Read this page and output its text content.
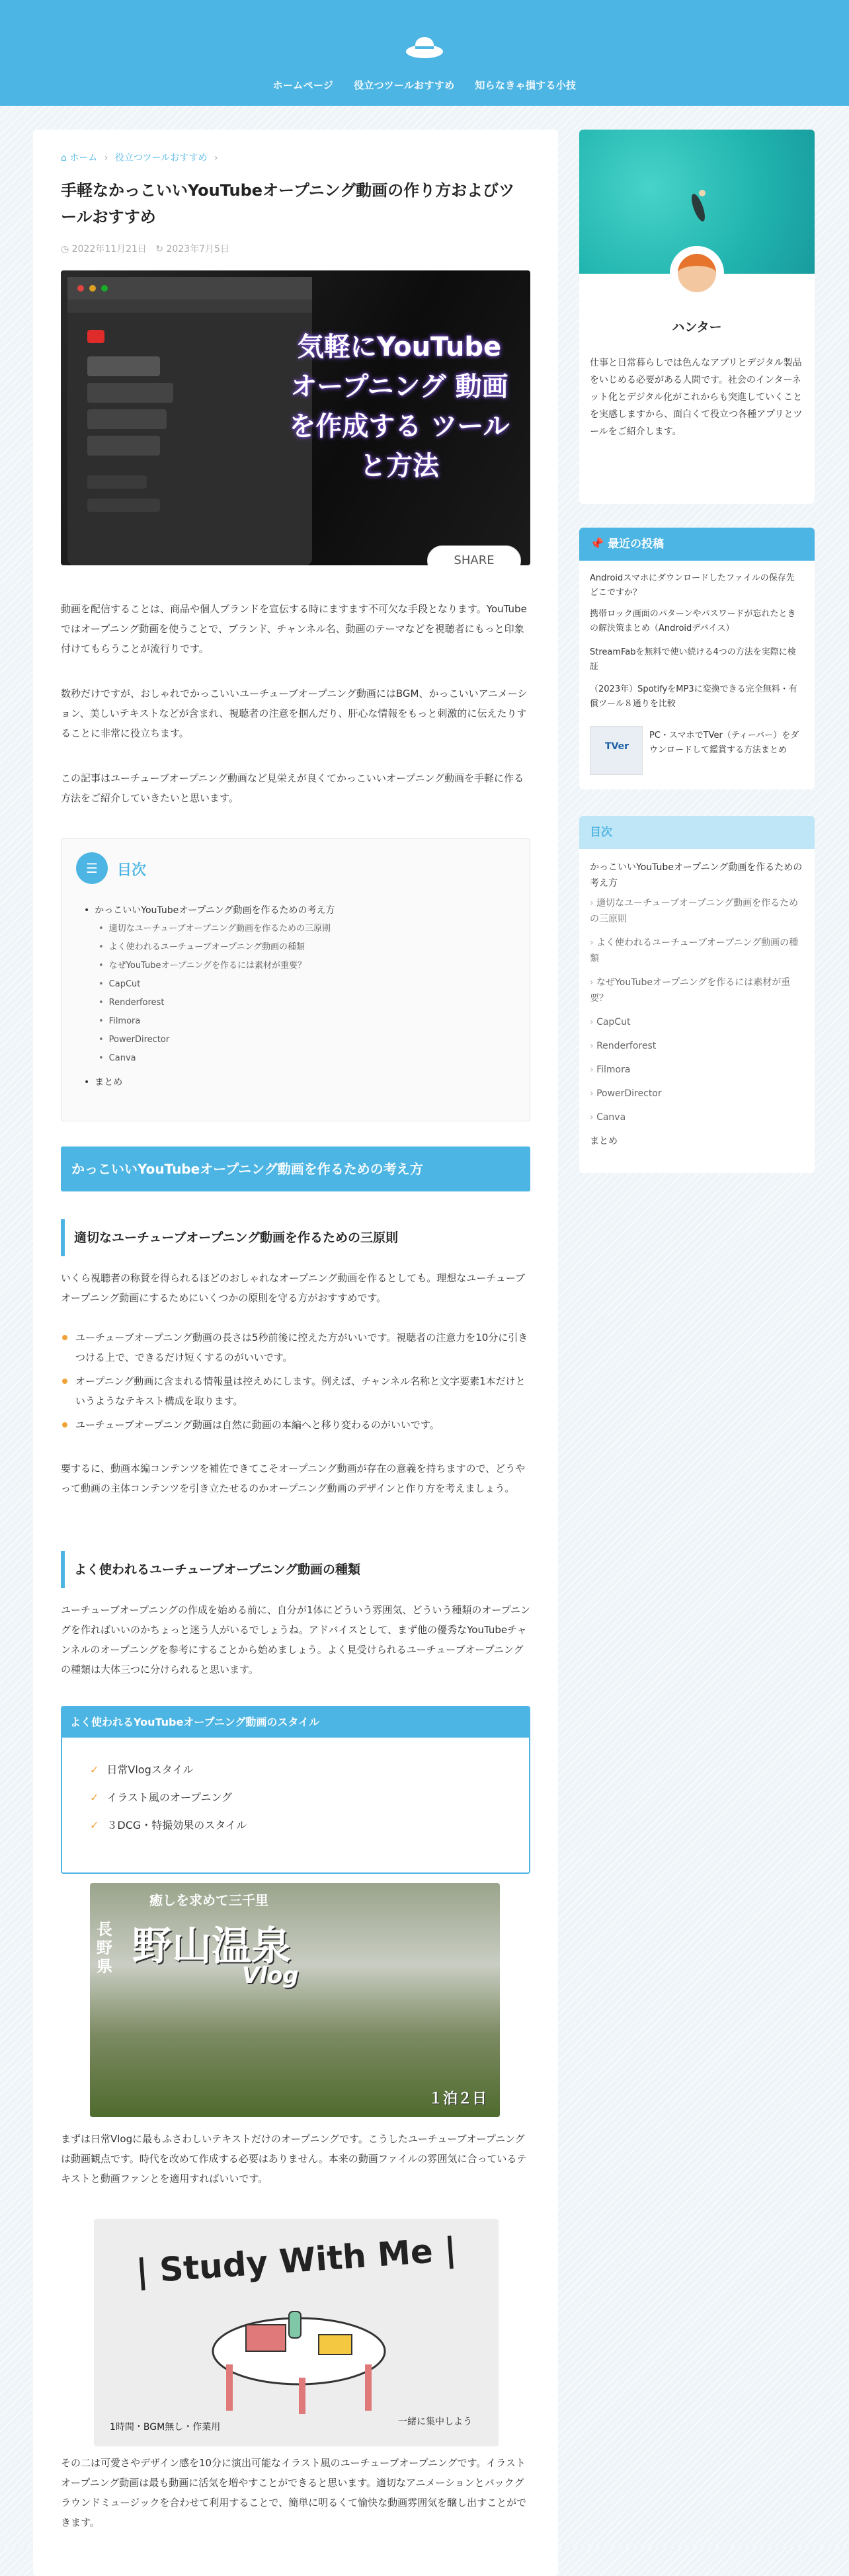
ホームページ 役立つツールおすすめ 知らなきゃ損する小技
⌂ ホーム › 役立つツールおすすめ ›
手軽なかっこいいYouTubeオープニング動画の作り方およびツールおすすめ
◷ 2022年11月21日 ↻ 2023年7月5日
気軽にYouTube オープニング 動画を作成する ツールと方法
SHARE

動画を配信することは、商品や個人ブランドを宣伝する時にますます不可欠な手段となります。YouTubeではオープニング動画を使うことで、ブランド、チャンネル名、動画のテーマなどを視聴者にもっと印象付けてもらうことが流行りです。

数秒だけですが、おしゃれでかっこいいユーチューブオープニング動画にはBGM、かっこいいアニメーション、美しいテキストなどが含まれ、視聴者の注意を掴んだり、肝心な情報をもっと刺激的に伝えたりすることに非常に役立ちます。

この記事はユーチューブオープニング動画など見栄えが良くてかっこいいオープニング動画を手軽に作る方法をご紹介していきたいと思います。

☰	目次
• かっこいいYouTubeオープニング動画を作るための考え方
• 適切なユーチューブオープニング動画を作るための三原則
• よく使われるユーチューブオープニング動画の種類
• なぜYouTubeオープニングを作るには素材が重要？
• CapCut
• Renderforest
• Filmora
• PowerDirector
• Canva
• まとめ
かっこいいYouTubeオープニング動画を作るための考え方
適切なユーチューブオープニング動画を作るための三原則

いくら視聴者の称賛を得られるほどのおしゃれなオープニング動画を作るとしても。理想なユーチューブオープニング動画にするためにいくつかの原則を守る方がおすすめです。

ユーチューブオープニング動画の長さは5秒前後に控えた方がいいです。視聴者の注意力を10分に引きつける上で、できるだけ短くするのがいいです。
オープニング動画に含まれる情報量は控えめにします。例えば、チャンネル名称と文字要素1本だけというようなテキスト構成を取ります。
ユーチューブオープニング動画は自然に動画の本編へと移り変わるのがいいです。

要するに、動画本編コンテンツを補佐できてこそオープニング動画が存在の意義を持ちますので、どうやって動画の主体コンテンツを引き立たせるのかオープニング動画のデザインと作り方を考えましょう。

よく使われるユーチューブオープニング動画の種類

ユーチューブオープニングの作成を始める前に、自分が1体にどういう雰囲気、どういう種類のオープニングを作ればいいのかちょっと迷う人がいるでしょうね。アドバイスとして、まず他の優秀なYouTubeチャンネルのオープニングを参考にすることから始めましょう。よく見受けられるユーチューブオープニングの種類は大体三つに分けられると思います。

よく使われるYouTubeオープニング動画のスタイル
✓ 日常Vlogスタイル
✓ イラスト風のオープニング
✓ ３DCG・特撮効果のスタイル
癒しを求めて三千里
長野県 野山温泉
Vlog
１泊２日

まずは日常Vlogに最もふさわしいテキストだけのオープニングです。こうしたユーチューブオープニングは動画観点です。時代を改めて作成する必要はありません。本来の動画ファイルの雰囲気に合っているテキストと動画ファンとを適用すればいいです。

| Study With Me |
1時間・BGM無し・作業用	一緒に集中しよう

その二は可愛さやデザイン感を10分に演出可能なイラスト風のユーチューブオープニングです。イラストオープニング動画は最も動画に活気を増やすことができると思います。適切なアニメーションとバックグラウンドミュージックを合わせて利用することで、簡単に明るくて愉快な動画雰囲気を醸し出すことができます。

ハンター
仕事と日常暮らしでは色んなアプリとデジタル製品をいじめる必要がある人間です。社会のインターネット化とデジタル化がこれからも突進していくことを実感しますから、面白くて役立つ各種アプリとツールをご紹介します。
📌 最近の投稿
Androidスマホにダウンロードしたファイルの保存先どこですか？
携帯ロック画面のパターンやパスワードが忘れたときの解決策まとめ（Androidデバイス）
StreamFabを無料で使い続ける4つの方法を実際に検証
（2023年）SpotifyをMP3に変換できる完全無料・有償ツール８通りを比較
TVer
PC・スマホでTVer（ティーバー）をダウンロードして鑑賞する方法まとめ
目次
かっこいいYouTubeオープニング動画を作るための考え方
› 適切なユーチューブオープニング動画を作るための三原則
› よく使われるユーチューブオープニング動画の種類
› なぜYouTubeオープニングを作るには素材が重要？
› CapCut
› Renderforest
› Filmora
› PowerDirector
› Canva
まとめ
